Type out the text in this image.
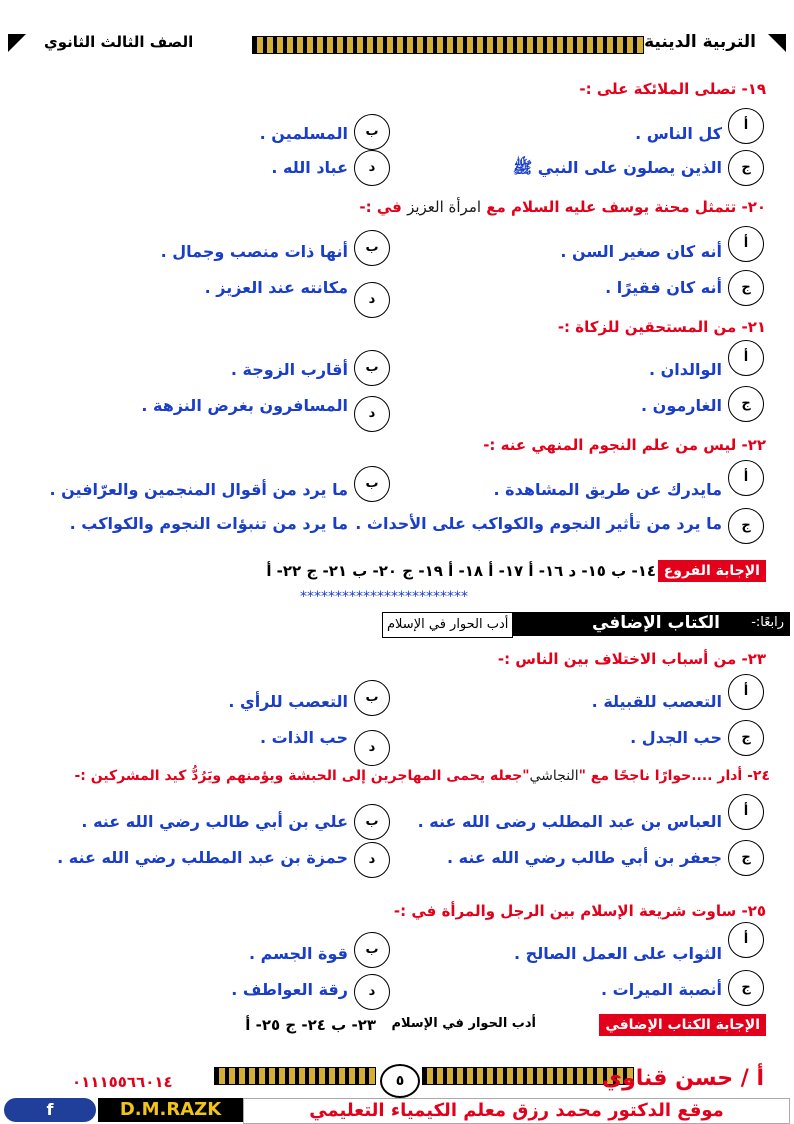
التربية الدينية
الصف الثالث الثانوي
١٩- تصلى الملائكة على :-
أ
كل الناس .
ب
المسلمين .
ج
الذين يصلون على النبي ﷺ
د
عباد الله .
٢٠- تتمثل محنة يوسف عليه السلام مع امرأة العزيز في :-
أ
أنه كان صغير السن .
ب
أنها ذات منصب وجمال .
ج
أنه كان فقيرًا .
د
مكانته عند العزيز .
٢١- من المستحقين للزكاة :-
أ
الوالدان .
ب
أقارب الزوجة .
ج
الغارمون .
د
المسافرون بغرض النزهة .
٢٢- ليس من علم النجوم المنهي عنه :-
أ
مايدرك عن طريق المشاهدة .
ب
ما يرد من أقوال المنجمين والعرّافين .
ج
ما يرد من تأثير النجوم والكواكب على الأحداث .
ما يرد من تنبؤات النجوم والكواكب .
الإجابة الفروع
١٤- ب ١٥- د ١٦- أ ١٧- أ ١٨- أ ١٩- ج ٢٠- ب ٢١- ج ٢٢- أ
************************
رابعًا:-
الكتاب الإضافي
أدب الحوار في الإسلام
٢٣- من أسباب الاختلاف بين الناس :-
أ
التعصب للقبيلة .
ب
التعصب للرأي .
ج
حب الجدل .
د
حب الذات .
٢٤- أدار ....حوارًا ناجحًا مع "النجاشي"جعله يحمى المهاجرين إلى الحبشة ويؤمنهم ويَرُدُّ كيد المشركين :-
أ
العباس بن عبد المطلب رضى الله عنه .
ب
علي بن أبي طالب رضي الله عنه .
ج
جعفر بن أبي طالب رضي الله عنه .
د
حمزة بن عبد المطلب رضي الله عنه .
٢٥- ساوت شريعة الإسلام بين الرجل والمرأة في :-
أ
الثواب على العمل الصالح .
ب
قوة الجسم .
ج
أنصبة الميرات .
د
رقة العواطف .
الإجابة الكتاب الإضافي
أدب الحوار في الإسلام
٢٣- ب ٢٤- ج ٢٥- أ
أ / حسن قناوي
٥
٠١١١٥٥٦٦٠١٤
f	D.M.RAZK	موقع الدكتور محمد رزق معلم الكيمياء التعليمي
